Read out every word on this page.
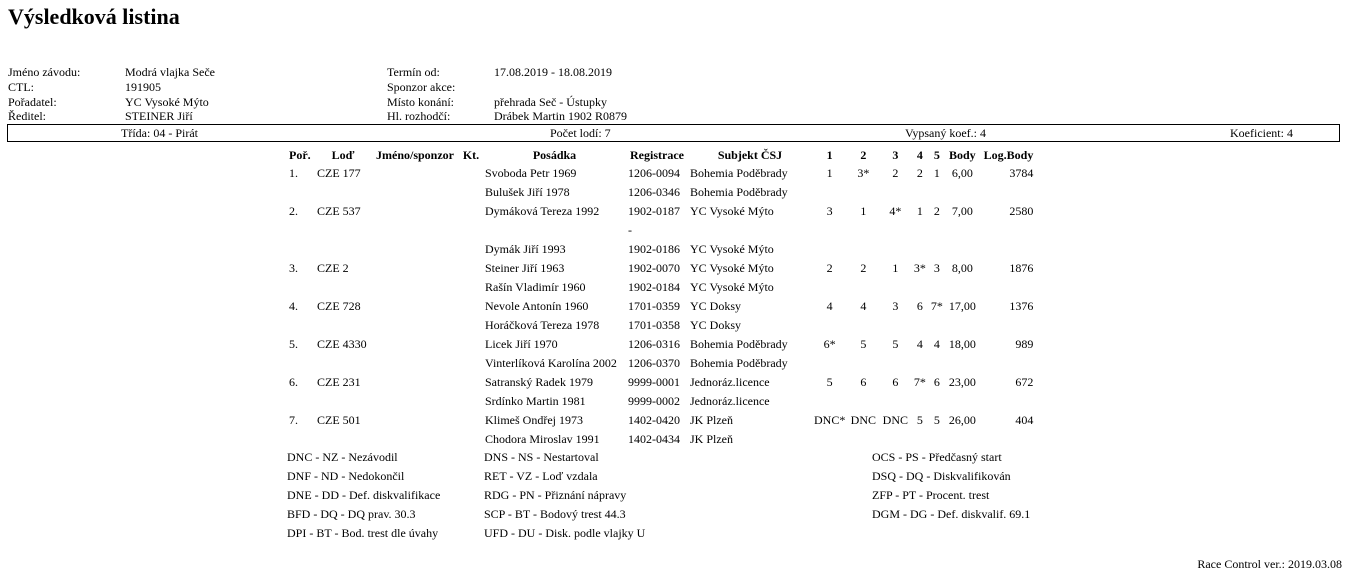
Výsledková listina
Jméno závodu:	Modrá vlajka Seče
CTL:	191905
Pořadatel:	YC Vysoké Mýto
Ředitel:	STEINER Jiří
Termín od:	17.08.2019 - 18.08.2019
Sponzor akce:
Místo konání:	přehrada Seč - Ústupky
Hl. rozhodčí:	Drábek Martin 1902 R0879
Třída: 04 - Pirát	Počet lodí: 7	Vypsaný koef.: 4	Koeficient: 4
Poř.	Loď	Jméno/sponzor	Kt.	Posádka	Registrace	Subjekt ČSJ	1	2	3	4	5	Body	Log.Body
1.	CZE 177			Svoboda Petr 1969	1206-0094	Bohemia Poděbrady	1	3*	2	2	1	6,00	3784
				Bulušek Jiří 1978	1206-0346	Bohemia Poděbrady							
2.	CZE 537			Dymáková Tereza 1992	1902-0187	YC Vysoké Mýto	3	1	4*	1	2	7,00	2580
					-								
				Dymák Jiří 1993	1902-0186	YC Vysoké Mýto							
3.	CZE 2			Steiner Jiří 1963	1902-0070	YC Vysoké Mýto	2	2	1	3*	3	8,00	1876
				Rašín Vladimír 1960	1902-0184	YC Vysoké Mýto							
4.	CZE 728			Nevole Antonín 1960	1701-0359	YC Doksy	4	4	3	6	7*	17,00	1376
				Horáčková Tereza 1978	1701-0358	YC Doksy							
5.	CZE 4330			Licek Jiří 1970	1206-0316	Bohemia Poděbrady	6*	5	5	4	4	18,00	989
				Vinterlíková Karolína 2002	1206-0370	Bohemia Poděbrady							
6.	CZE 231			Satranský Radek 1979	9999-0001	Jednoráz.licence	5	6	6	7*	6	23,00	672
				Srdínko Martin 1981	9999-0002	Jednoráz.licence							
7.	CZE 501			Klimeš Ondřej 1973	1402-0420	JK Plzeň	DNC*	DNC	DNC	5	5	26,00	404
				Chodora Miroslav 1991	1402-0434	JK Plzeň							
DNC - NZ - Nezávodil
DNF - ND - Nedokončil
DNE - DD - Def. diskvalifikace
BFD - DQ - DQ prav. 30.3
DPI - BT - Bod. trest dle úvahy
DNS - NS - Nestartoval
RET - VZ - Loď vzdala
RDG - PN - Přiznání nápravy
SCP - BT - Bodový trest 44.3
UFD - DU - Disk. podle vlajky U
OCS - PS - Předčasný start
DSQ - DQ - Diskvalifikován
ZFP - PT - Procent. trest
DGM - DG - Def. diskvalif. 69.1
Race Control ver.: 2019.03.08
